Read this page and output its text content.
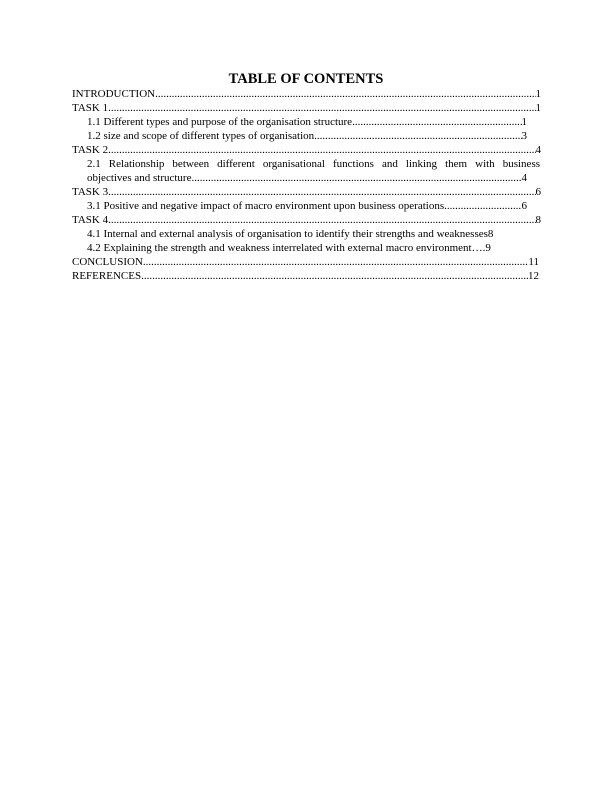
TABLE OF CONTENTS
INTRODUCTION .....	1
TASK 1 .....	1
1.1 Different types and purpose of the organisation structure .....	1
1.2 size and scope of different types of organisation .....	3
TASK 2 .....	4
2.1 Relationship between different organisational functions and linking them with business
objectives and structure .....	4
TASK 3 .....	6
3.1 Positive and negative impact of macro environment upon business operations .....	6
TASK 4 .....	8
4.1 Internal and external analysis of organisation to identify their strengths and weaknesses 8
4.2 Explaining the strength and weakness interrelated with external macro environment…. 9
CONCLUSION .....	11
REFERENCES .....	12
